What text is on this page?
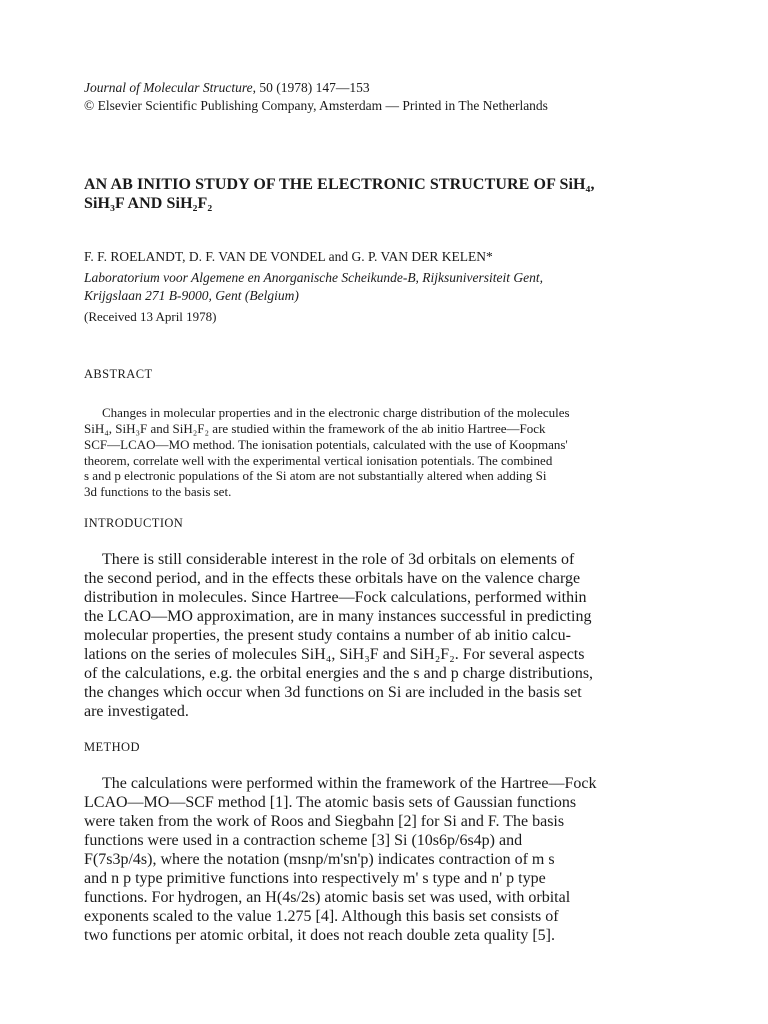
Journal of Molecular Structure, 50 (1978) 147—153
© Elsevier Scientific Publishing Company, Amsterdam — Printed in The Netherlands
AN AB INITIO STUDY OF THE ELECTRONIC STRUCTURE OF SiH₄,
SiH₃F AND SiH₂F₂
F. F. ROELANDT, D. F. VAN DE VONDEL and G. P. VAN DER KELEN*
Laboratorium voor Algemene en Anorganische Scheikunde-B, Rijksuniversiteit Gent,
Krijgslaan 271 B-9000, Gent (Belgium)
(Received 13 April 1978)
ABSTRACT
Changes in molecular properties and in the electronic charge distribution of the molecules
SiH₄, SiH₃F and SiH₂F₂ are studied within the framework of the ab initio Hartree—Fock
SCF—LCAO—MO method. The ionisation potentials, calculated with the use of Koopmans'
theorem, correlate well with the experimental vertical ionisation potentials. The combined
s and p electronic populations of the Si atom are not substantially altered when adding Si
3d functions to the basis set.
INTRODUCTION
There is still considerable interest in the role of 3d orbitals on elements of
the second period, and in the effects these orbitals have on the valence charge
distribution in molecules. Since Hartree—Fock calculations, performed within
the LCAO—MO approximation, are in many instances successful in predicting
molecular properties, the present study contains a number of ab initio calcu-
lations on the series of molecules SiH₄, SiH₃F and SiH₂F₂. For several aspects
of the calculations, e.g. the orbital energies and the s and p charge distributions,
the changes which occur when 3d functions on Si are included in the basis set
are investigated.
METHOD
The calculations were performed within the framework of the Hartree—Fock
LCAO—MO—SCF method [1]. The atomic basis sets of Gaussian functions
were taken from the work of Roos and Siegbahn [2] for Si and F. The basis
functions were used in a contraction scheme [3] Si (10s6p/6s4p) and
F(7s3p/4s), where the notation (msnp/m'sn'p) indicates contraction of m s
and n p type primitive functions into respectively m' s type and n' p type
functions. For hydrogen, an H(4s/2s) atomic basis set was used, with orbital
exponents scaled to the value 1.275 [4]. Although this basis set consists of
two functions per atomic orbital, it does not reach double zeta quality [5].
